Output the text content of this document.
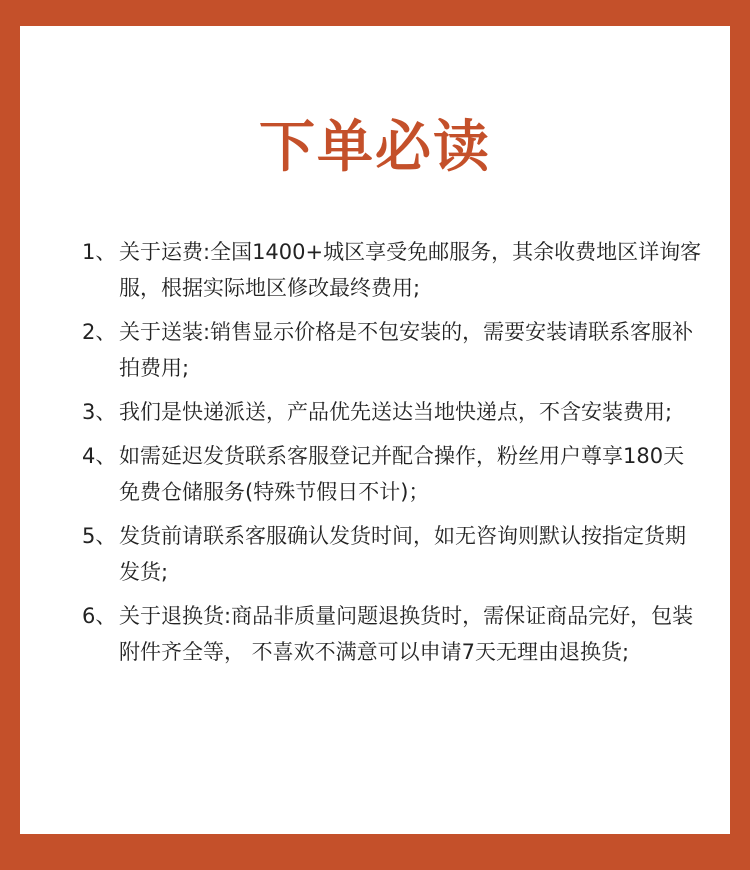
下单必读
1、 关于运费:全国1400+城区享受免邮服务，其余收费地区详询客服，根据实际地区修改最终费用;
2、 关于送装:销售显示价格是不包安装的，需要安装请联系客服补拍费用;
3、 我们是快递派送，产品优先送达当地快递点，不含安装费用;
4、 如需延迟发货联系客服登记并配合操作，粉丝用户尊享180天免费仓储服务(特殊节假日不计)；
5、 发货前请联系客服确认发货时间，如无咨询则默认按指定货期发货;
6、 关于退换货:商品非质量问题退换货时，需保证商品完好，包装附件齐全等， 不喜欢不满意可以申请7天无理由退换货;
